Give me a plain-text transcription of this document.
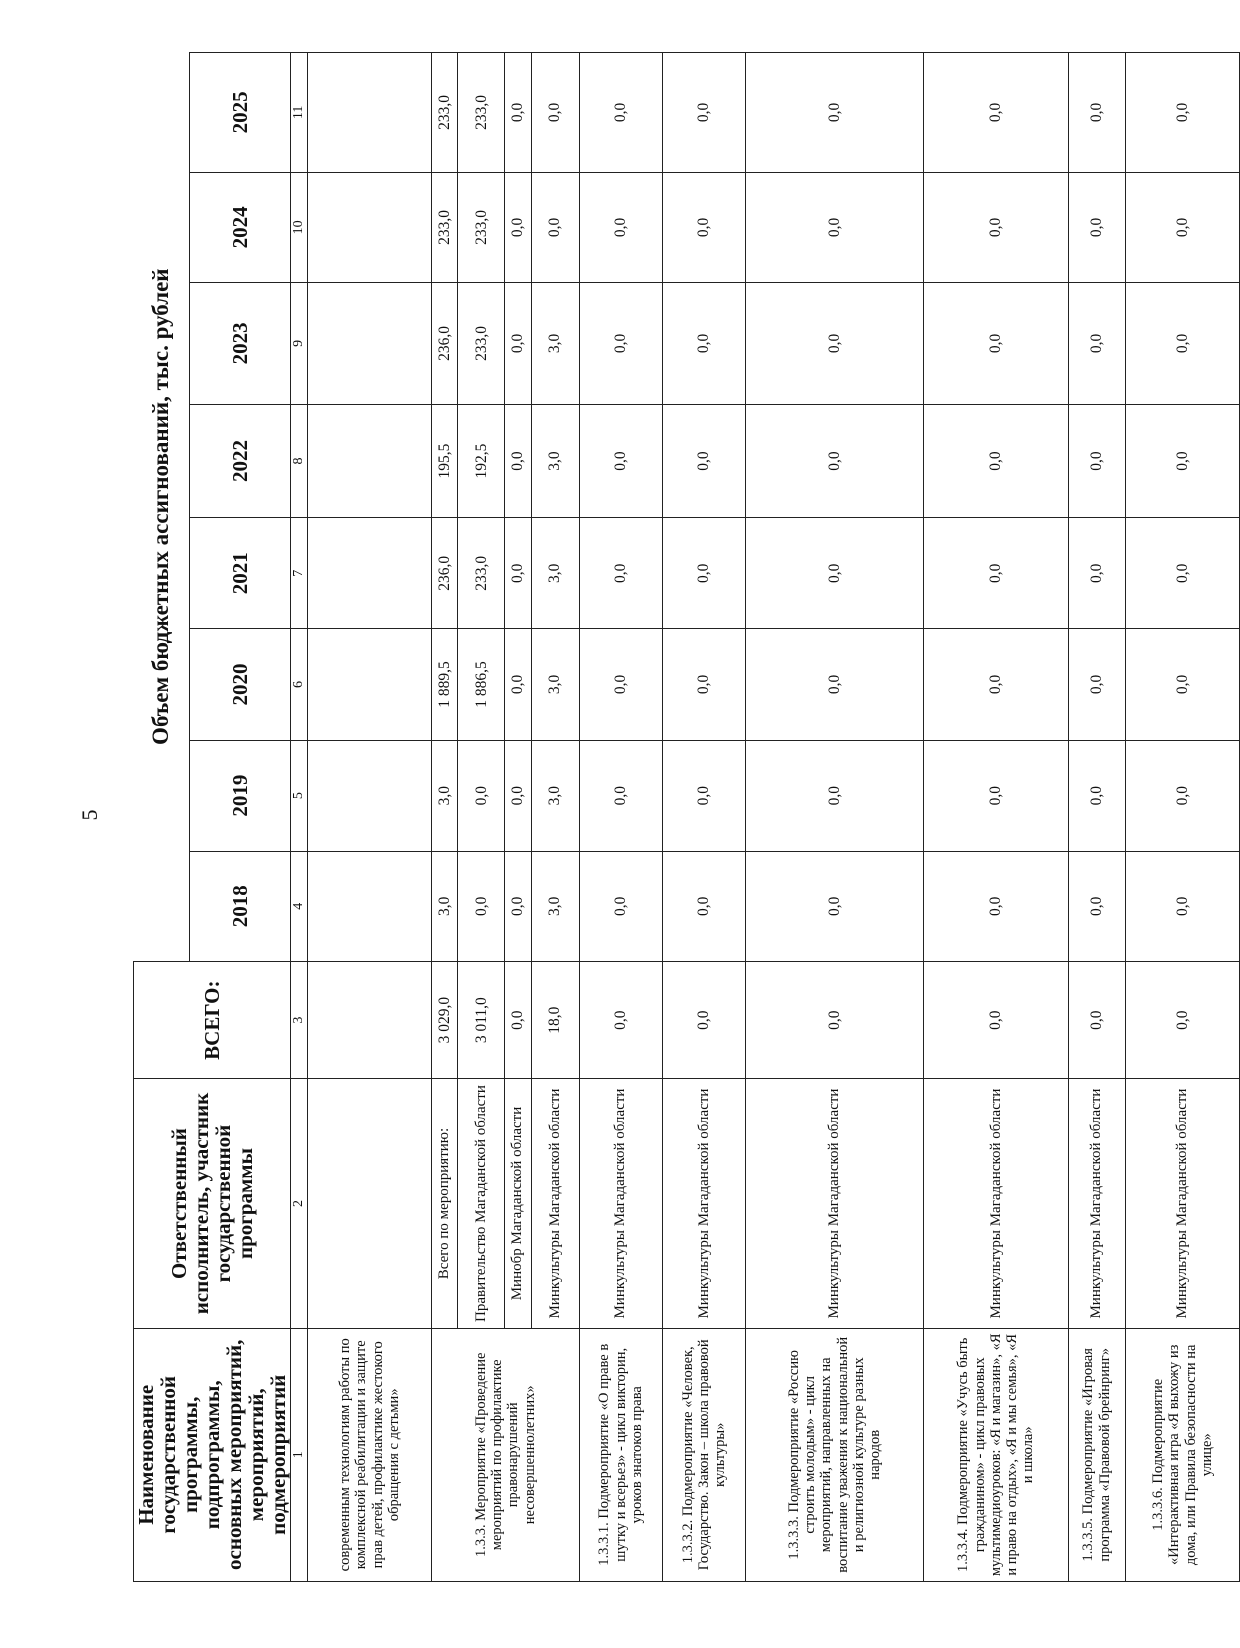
5
Наименование государственной программы, подпрограммы, основных мероприятий, мероприятий, подмероприятий	Ответственный исполнитель, участник государственной программы	ВСЕГО:	Объем бюджетных ассигнований, тыс. рублей							
			2018	2019	2020	2021	2022	2023	2024	2025
1	2	3	4	5	6	7	8	9	10	11
современным технологиям работы по комплексной реабилитации и защите прав детей, профилактике жестокого обращения с детьми»										
1.3.3. Мероприятие «Проведение мероприятий по профилактике правонарушений несовершеннолетних»	Всего по мероприятию:	3 029,0	3,0	3,0	1 889,5	236,0	195,5	236,0	233,0	233,0
	Правительство Магаданской области	3 011,0	0,0	0,0	1 886,5	233,0	192,5	233,0	233,0	233,0
	Минобр Магаданской области	0,0	0,0	0,0	0,0	0,0	0,0	0,0	0,0	0,0
	Минкультуры Магаданской области	18,0	3,0	3,0	3,0	3,0	3,0	3,0	0,0	0,0
1.3.3.1. Подмероприятие «О праве в шутку и всерьез» - цикл викторин, уроков знатоков права	Минкультуры Магаданской области	0,0	0,0	0,0	0,0	0,0	0,0	0,0	0,0	0,0
1.3.3.2. Подмероприятие «Человек, Государство. Закон – школа правовой культуры»	Минкультуры Магаданской области	0,0	0,0	0,0	0,0	0,0	0,0	0,0	0,0	0,0
1.3.3.3. Подмероприятие «Россию строить молодым» - цикл мероприятий, направленных на воспитание уважения к национальной и религиозной культуре разных народов	Минкультуры Магаданской области	0,0	0,0	0,0	0,0	0,0	0,0	0,0	0,0	0,0
1.3.3.4. Подмероприятие «Учусь быть гражданином» - цикл правовых мультимедиоуроков: «Я и магазин», «Я и право на отдых», «Я и мы семья», «Я и школа»	Минкультуры Магаданской области	0,0	0,0	0,0	0,0	0,0	0,0	0,0	0,0	0,0
1.3.3.5. Подмероприятие «Игровая программа «Правовой брейнринг»	Минкультуры Магаданской области	0,0	0,0	0,0	0,0	0,0	0,0	0,0	0,0	0,0
1.3.3.6. Подмероприятие «Интерактивная игра «Я выхожу из дома, или Правила безопасности на улице»	Минкультуры Магаданской области	0,0	0,0	0,0	0,0	0,0	0,0	0,0	0,0	0,0
